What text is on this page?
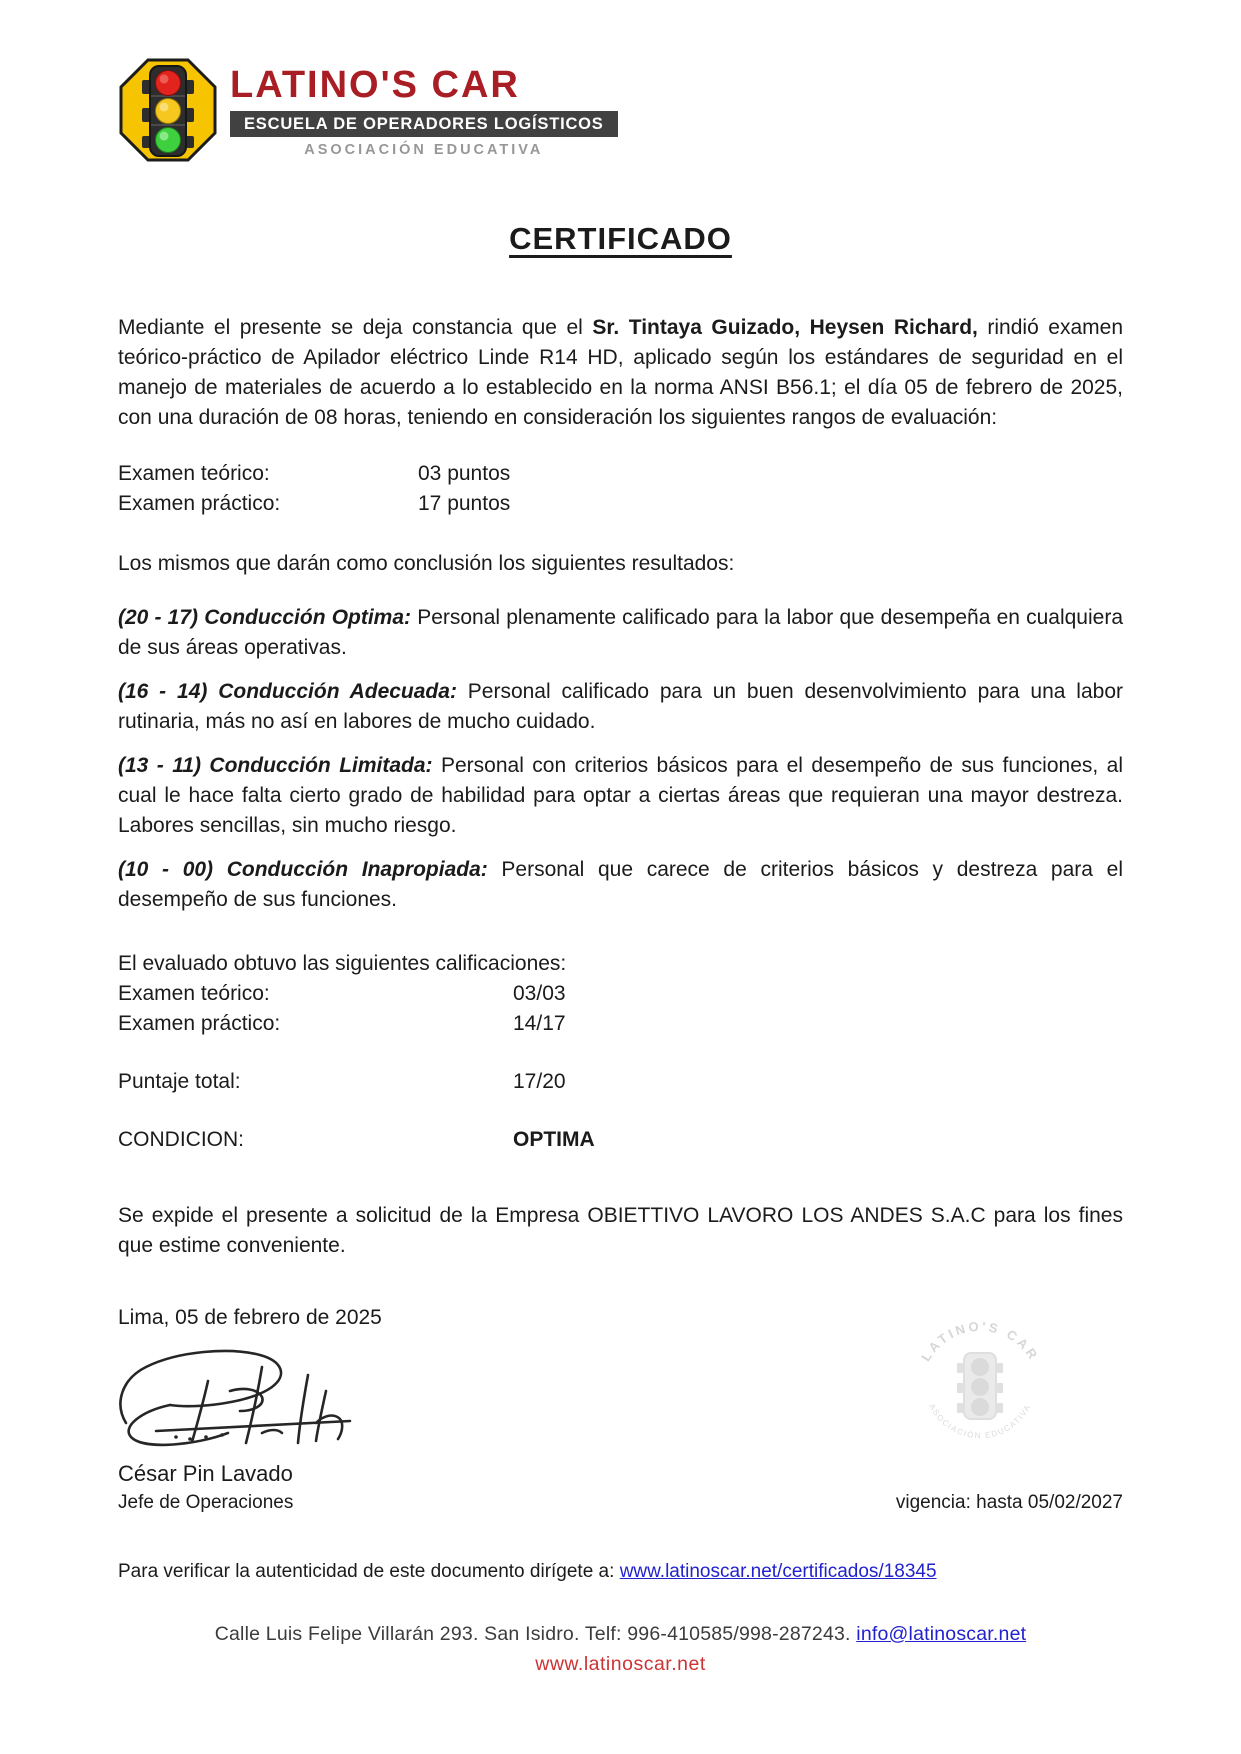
LATINO'S CAR
ESCUELA DE OPERADORES LOGÍSTICOS
ASOCIACIÓN EDUCATIVA
CERTIFICADO

Mediante el presente se deja constancia que el Sr. Tintaya Guizado, Heysen Richard, rindió examen teórico-práctico de Apilador eléctrico Linde R14 HD, aplicado según los estándares de seguridad en el manejo de materiales de acuerdo a lo establecido en la norma ANSI B56.1; el día 05 de febrero de 2025, con una duración de 08 horas, teniendo en consideración los siguientes rangos de evaluación:

Examen teórico:	03 puntos
Examen práctico:	17 puntos

Los mismos que darán como conclusión los siguientes resultados:

(20 - 17) Conducción Optima: Personal plenamente calificado para la labor que desempeña en cualquiera de sus áreas operativas.

(16 - 14) Conducción Adecuada: Personal calificado para un buen desenvolvimiento para una labor rutinaria, más no así en labores de mucho cuidado.

(13 - 11) Conducción Limitada: Personal con criterios básicos para el desempeño de sus funciones, al cual le hace falta cierto grado de habilidad para optar a ciertas áreas que requieran una mayor destreza. Labores sencillas, sin mucho riesgo.

(10 - 00) Conducción Inapropiada: Personal que carece de criterios básicos y destreza para el desempeño de sus funciones.

El evaluado obtuvo las siguientes calificaciones:

Examen teórico:	03/03
Examen práctico:	14/17
Puntaje total:	17/20
CONDICION:	OPTIMA

Se expide el presente a solicitud de la Empresa OBIETTIVO LAVORO LOS ANDES S.A.C para los fines que estime conveniente.

Lima, 05 de febrero de 2025

César Pin Lavado
Jefe de Operaciones	vigencia: hasta 05/02/2027
Para verificar la autenticidad de este documento dirígete a: www.latinoscar.net/certificados/18345
Calle Luis Felipe Villarán 293. San Isidro. Telf: 996-410585/998-287243. info@latinoscar.net
www.latinoscar.net
LATINO'S CAR
ASOCIACIÓN EDUCATIVA
